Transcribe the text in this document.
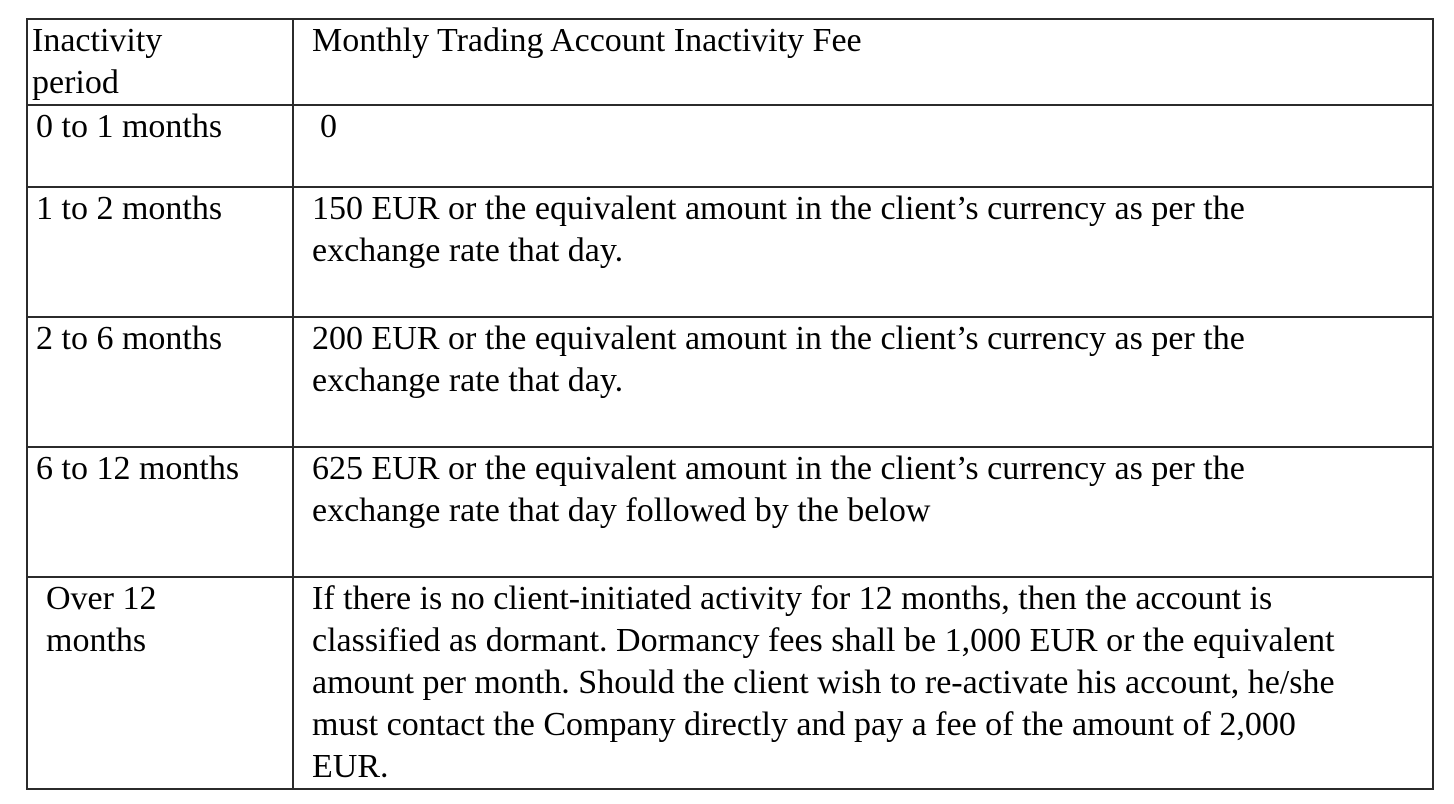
Inactivity
period	Monthly Trading Account Inactivity Fee

0 to 1 months	0

1 to 2 months	150 EUR or the equivalent amount in the client’s currency as per the
exchange rate that day.

2 to 6 months	200 EUR or the equivalent amount in the client’s currency as per the
exchange rate that day.

6 to 12 months	625 EUR or the equivalent amount in the client’s currency as per the
exchange rate that day followed by the below

Over 12
months	If there is no client-initiated activity for 12 months, then the account is
classified as dormant. Dormancy fees shall be 1,000 EUR or the equivalent
amount per month. Should the client wish to re-activate his account, he/she
must contact the Company directly and pay a fee of the amount of 2,000
EUR.
